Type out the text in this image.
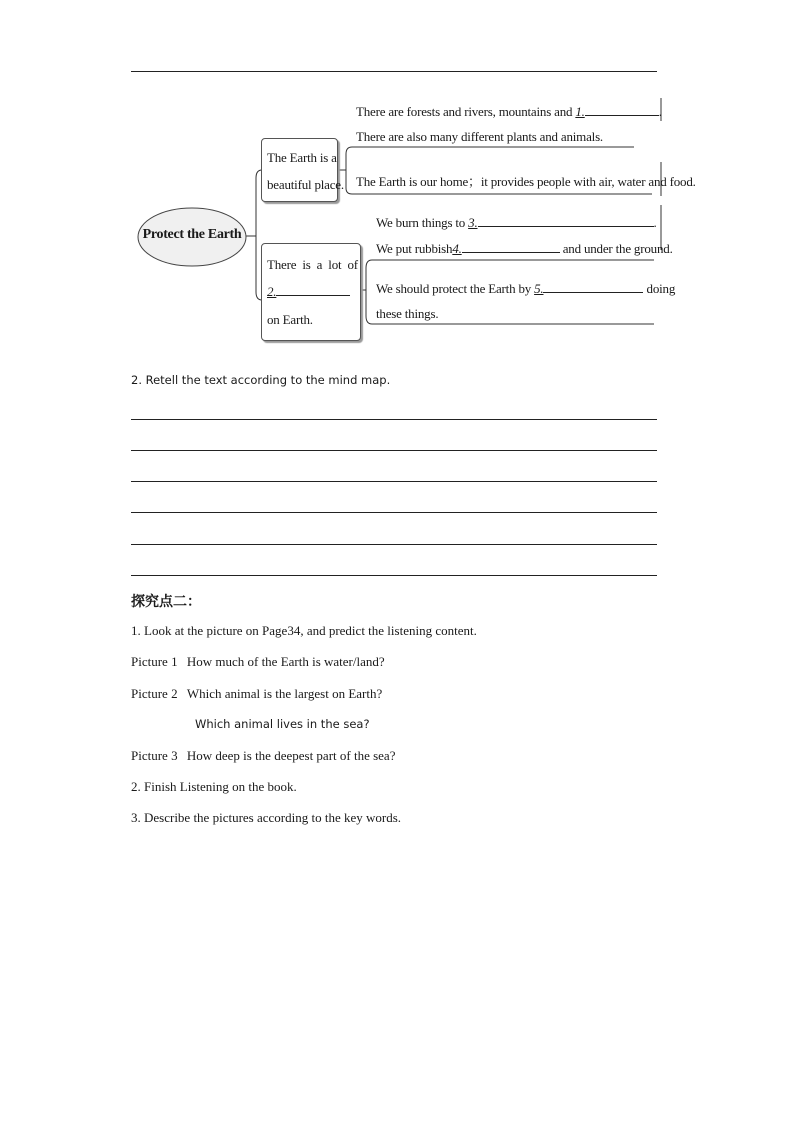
Protect the Earth
The Earth is a
beautiful place.
There are forests and rivers, mountains and 1.	.
There are also many different plants and animals.
The Earth is our home；it provides people with air, water and food.
There is a lot of
2.
on Earth.
We burn things to 3.	.
We put rubbish4.	and under the ground.
We should protect the Earth by 5.	doing
these things.
2. Retell the text according to the mind map.
探究点二：
1. Look at the picture on Page34, and predict the listening content.
Picture 1 How much of the Earth is water/land?
Picture 2 Which animal is the largest on Earth?
Which animal lives in the sea?
Picture 3 How deep is the deepest part of the sea?
2. Finish Listening on the book.
3. Describe the pictures according to the key words.
